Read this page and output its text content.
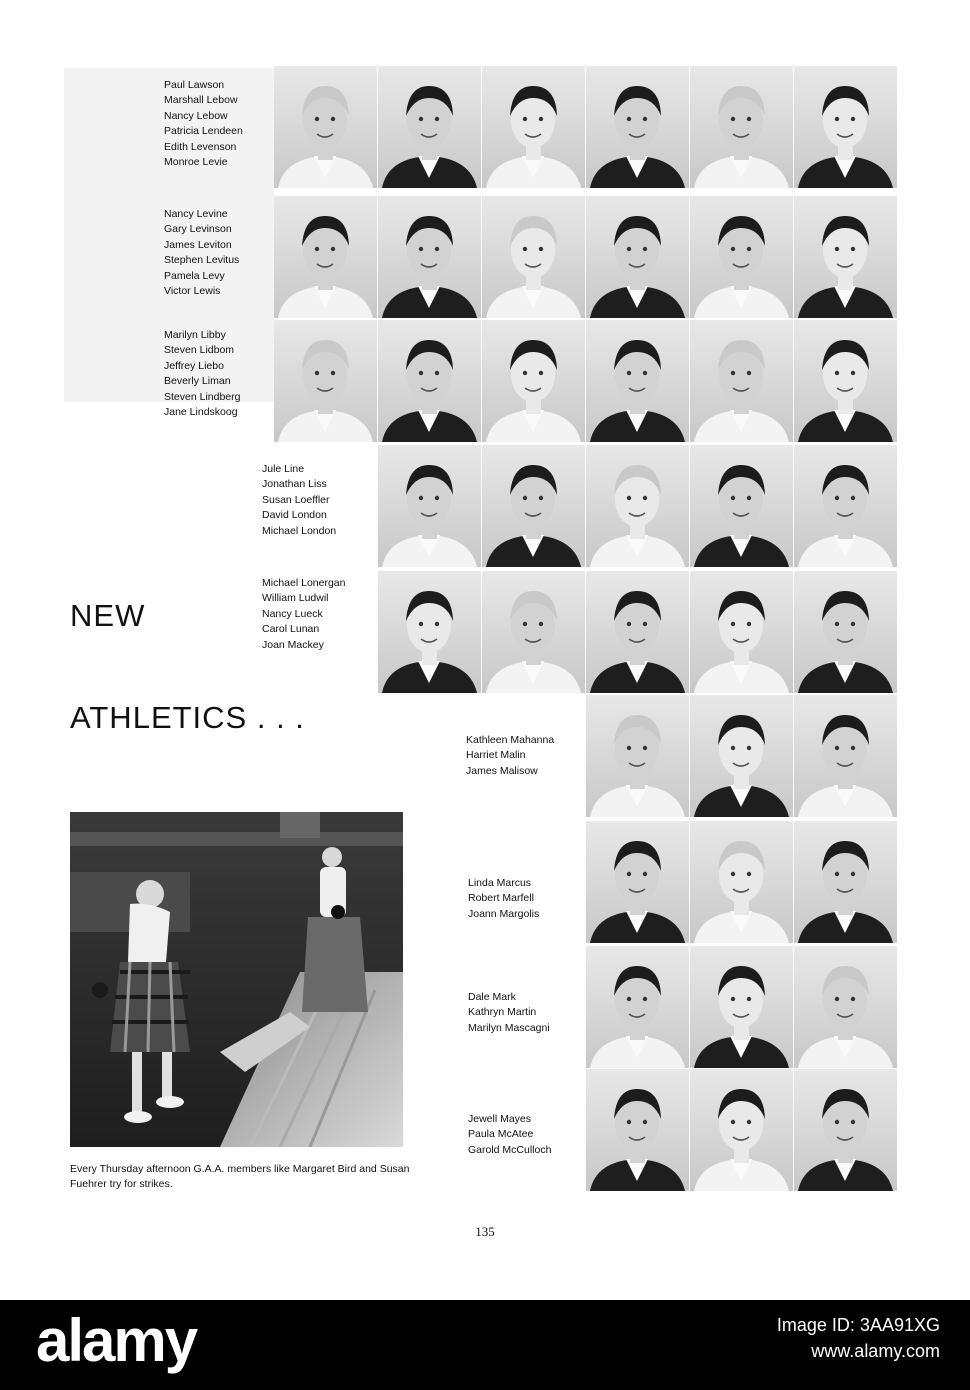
Paul Lawson
Marshall Lebow
Nancy Lebow
Patricia Lendeen
Edith Levenson
Monroe Levie
Nancy Levine
Gary Levinson
James Leviton
Stephen Levitus
Pamela Levy
Victor Lewis
Marilyn Libby
Steven Lidbom
Jeffrey Liebo
Beverly Liman
Steven Lindberg
Jane Lindskoog
Jule Line
Jonathan Liss
Susan Loeffler
David London
Michael London
Michael Lonergan
William Ludwil
Nancy Lueck
Carol Lunan
Joan Mackey
Kathleen Mahanna
Harriet Malin
James Malisow
Linda Marcus
Robert Marfell
Joann Margolis
Dale Mark
Kathryn Martin
Marilyn Mascagni
Jewell Mayes
Paula McAtee
Garold McCulloch
NEW
ATHLETICS . . .
Every Thursday afternoon G.A.A. members like Margaret Bird and Susan Fuehrer try for strikes.
135
alamy	Image ID: 3AA91XG
www.alamy.com
